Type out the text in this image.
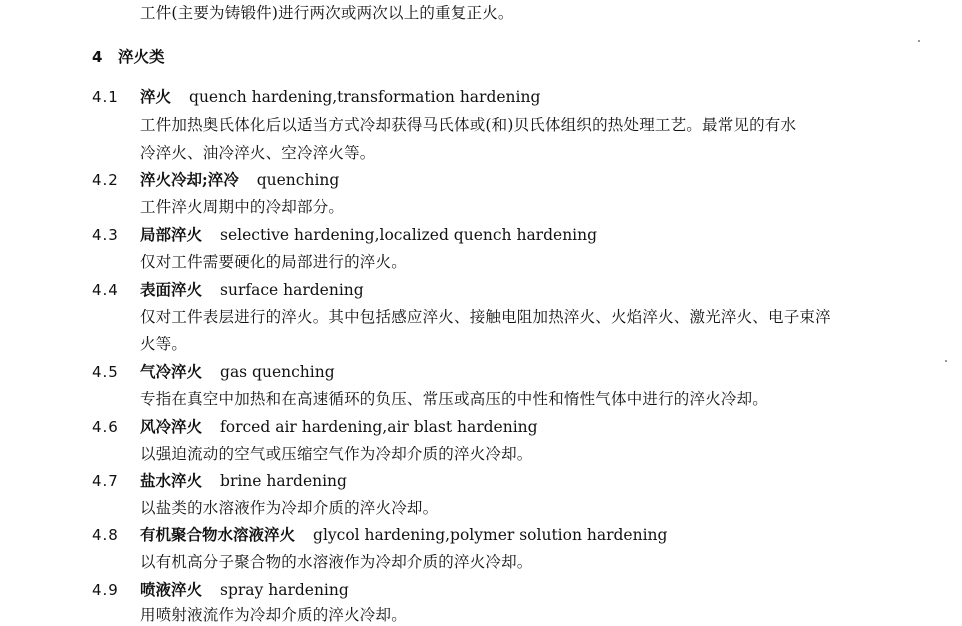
工件(主要为铸锻件)进行两次或两次以上的重复正火。
4 淬火类
4.1 淬火 quench hardening,transformation hardening
工件加热奥氏体化后以适当方式冷却获得马氏体或(和)贝氏体组织的热处理工艺。最常见的有水
冷淬火、油冷淬火、空冷淬火等。
4.2 淬火冷却;淬冷 quenching
工件淬火周期中的冷却部分。
4.3 局部淬火 selective hardening,localized quench hardening
仅对工件需要硬化的局部进行的淬火。
4.4 表面淬火 surface hardening
仅对工件表层进行的淬火。其中包括感应淬火、接触电阻加热淬火、火焰淬火、激光淬火、电子束淬
火等。
4.5 气冷淬火 gas quenching
专指在真空中加热和在高速循环的负压、常压或高压的中性和惰性气体中进行的淬火冷却。
4.6 风冷淬火 forced air hardening,air blast hardening
以强迫流动的空气或压缩空气作为冷却介质的淬火冷却。
4.7 盐水淬火 brine hardening
以盐类的水溶液作为冷却介质的淬火冷却。
4.8 有机聚合物水溶液淬火 glycol hardening,polymer solution hardening
以有机高分子聚合物的水溶液作为冷却介质的淬火冷却。
4.9 喷液淬火 spray hardening
用喷射液流作为冷却介质的淬火冷却。
